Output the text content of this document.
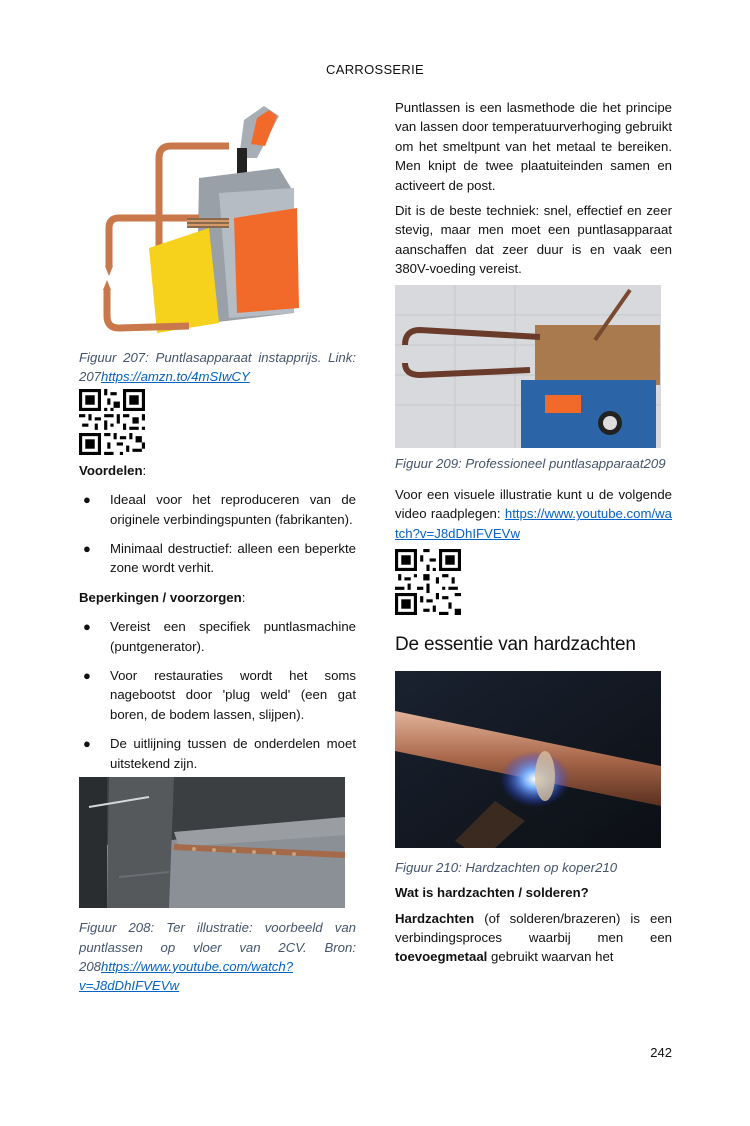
CARROSSERIE

Figuur 207: Puntlasapparaat instapprijs. Link: 207https://amzn.to/4mSIwCY

Voordelen:

● Ideaal voor het reproduceren van de originele verbindingspunten (fabrikanten).
● Minimaal destructief: alleen een beperkte zone wordt verhit.

Beperkingen / voorzorgen:

● Vereist een specifiek puntlasmachine (puntgenerator).
● Voor restauraties wordt het soms nagebootst door 'plug weld' (een gat boren, de bodem lassen, slijpen).
● De uitlijning tussen de onderdelen moet uitstekend zijn.

Figuur 208: Ter illustratie: voorbeeld van puntlassen op vloer van 2CV. Bron: 208https://www.youtube.com/watch?v=J8dDhIFVEVw

Puntlassen is een lasmethode die het principe van lassen door temperatuurverhoging gebruikt om het smeltpunt van het metaal te bereiken. Men knipt de twee plaatuiteinden samen en activeert de post.

Dit is de beste techniek: snel, effectief en zeer stevig, maar men moet een puntlasapparaat aanschaffen dat zeer duur is en vaak een 380V-voeding vereist.

Figuur 209: Professioneel puntlasapparaat209

Voor een visuele illustratie kunt u de volgende video raadplegen: https://www.youtube.com/watch?v=J8dDhIFVEVw

De essentie van hardzachten

Figuur 210: Hardzachten op koper210

Wat is hardzachten / solderen?

Hardzachten (of solderen/brazeren) is een verbindingsproces waarbij men een toevoegmetaal gebruikt waarvan het

242
